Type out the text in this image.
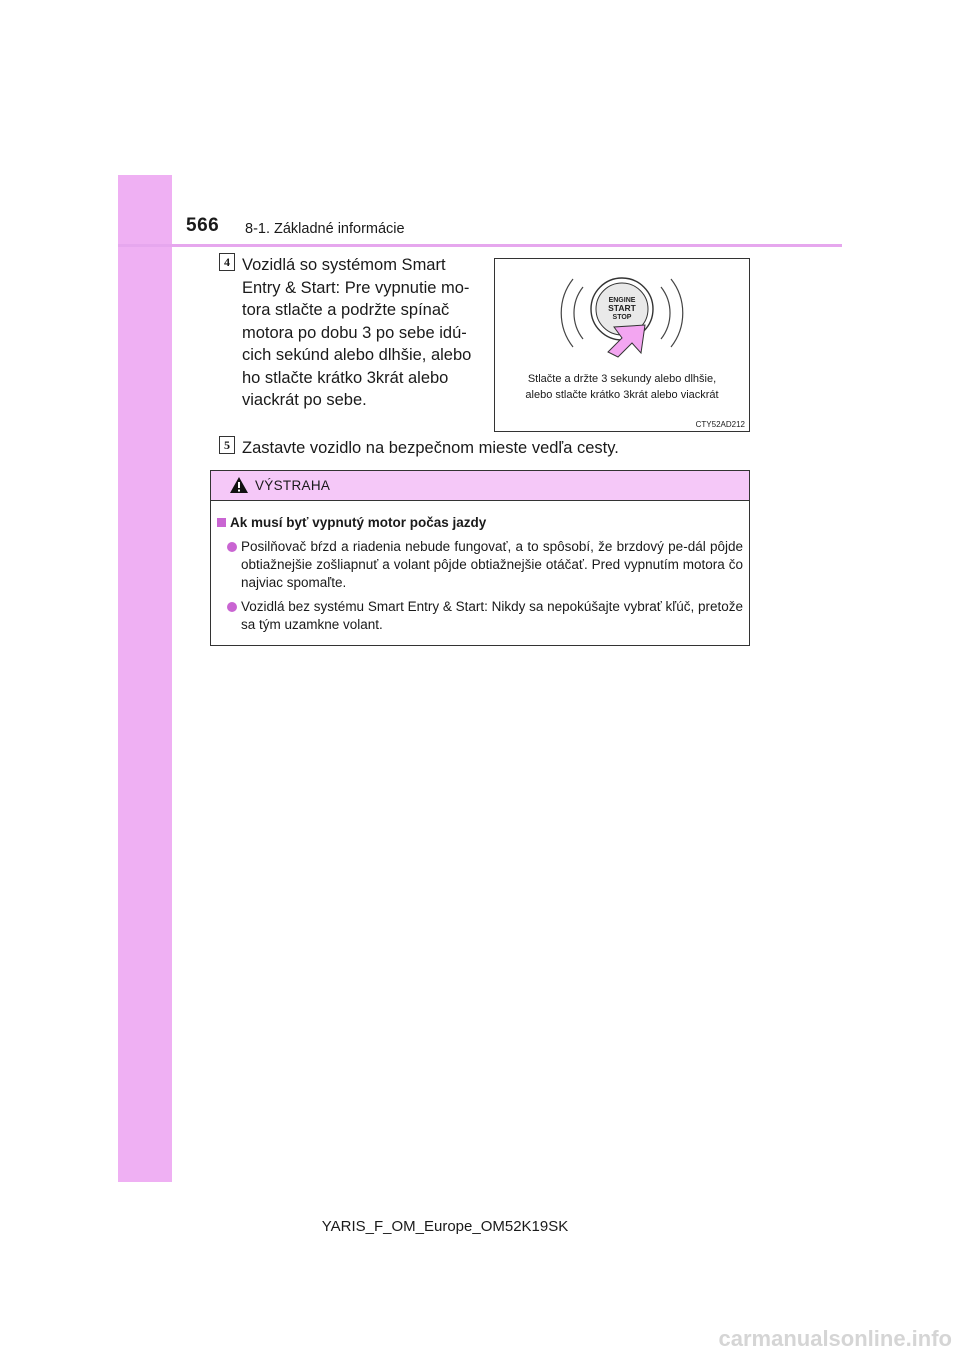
566 8-1. Základné informácie
4 Vozidlá so systémom Smart
Entry & Start: Pre vypnutie mo-
tora stlačte a podržte spínač
motora po dobu 3 po sebe idú-
cich sekúnd alebo dlhšie, alebo
ho stlačte krátko 3krát alebo
viackrát po sebe.
ENGINE
START
STOP
Stlačte a držte 3 sekundy alebo dlhšie,
alebo stlačte krátko 3krát alebo viackrát
CTY52AD212
5 Zastavte vozidlo na bezpečnom mieste vedľa cesty.
VÝSTRAHA
Ak musí byť vypnutý motor počas jazdy
Posilňovač bŕzd a riadenia nebude fungovať, a to spôsobí, že brzdový pe-dál pôjde obtiažnejšie zošliapnuť a volant pôjde obtiažnejšie otáčať. Pred vypnutím motora čo najviac spomaľte.
Vozidlá bez systému Smart Entry & Start: Nikdy sa nepokúšajte vybrať kľúč, pretože sa tým uzamkne volant.
YARIS_F_OM_Europe_OM52K19SK
carmanualsonline.info
